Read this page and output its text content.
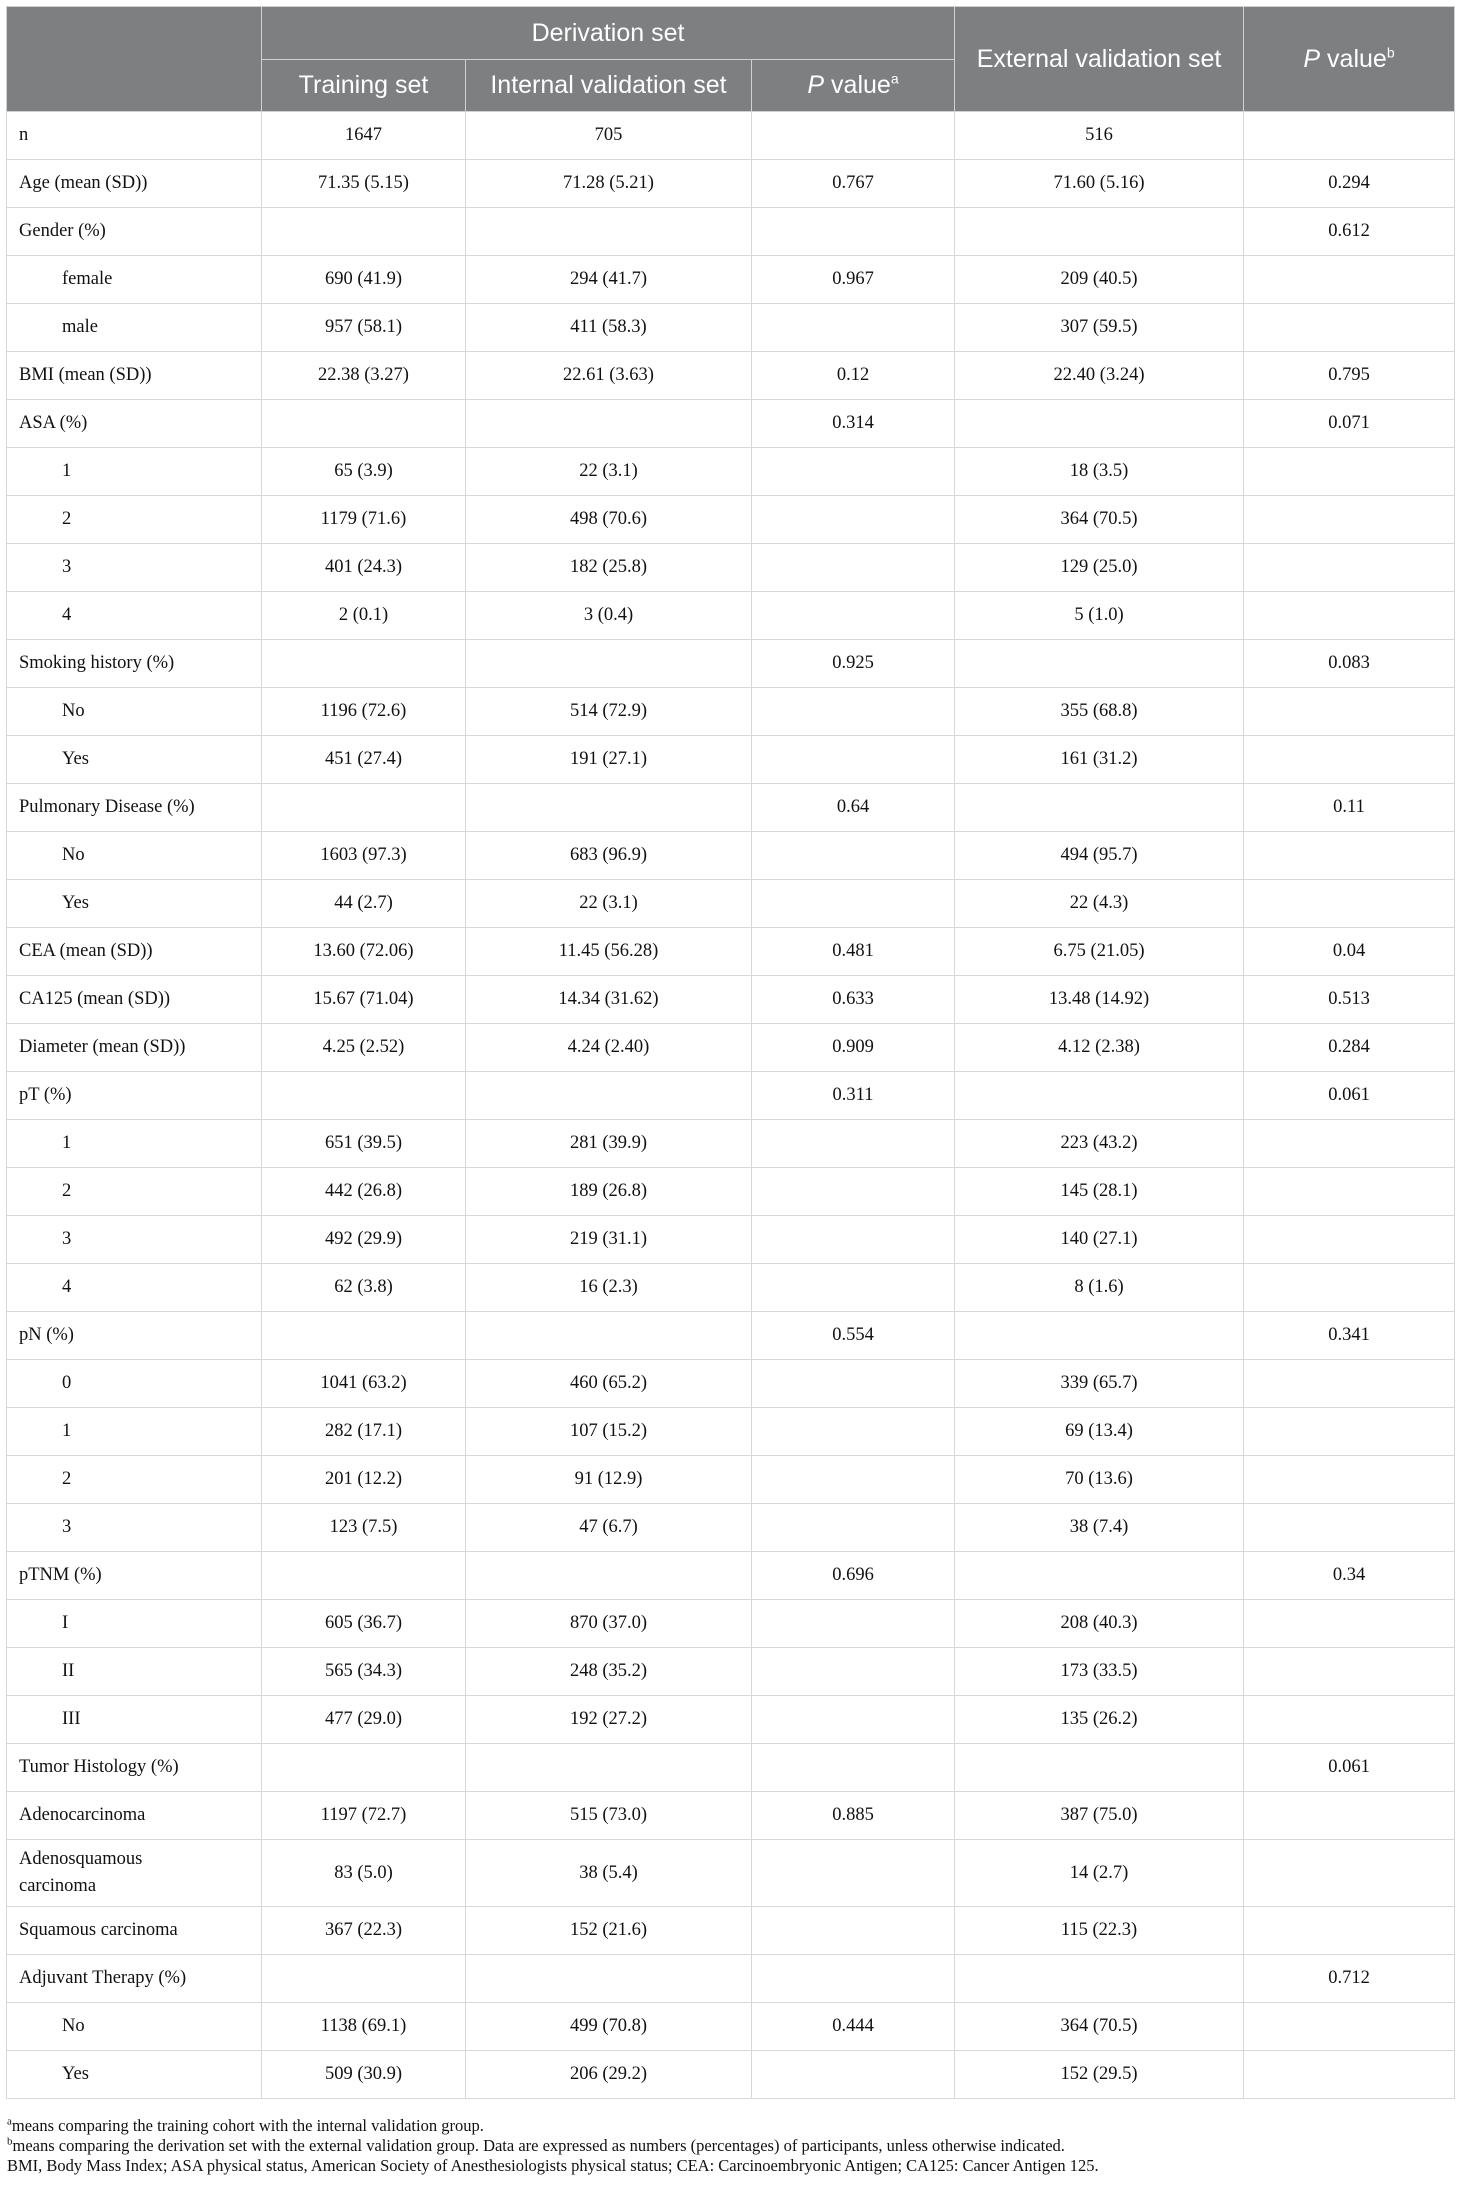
	Derivation set			External validation set	P value$^b$
	Training set	Internal validation set	P value$^a$
n	1647	705		516	
Age (mean (SD))	71.35 (5.15)	71.28 (5.21)	0.767	71.60 (5.16)	0.294
Gender (%)					0.612
female	690 (41.9)	294 (41.7)	0.967	209 (40.5)	
male	957 (58.1)	411 (58.3)		307 (59.5)	
BMI (mean (SD))	22.38 (3.27)	22.61 (3.63)	0.12	22.40 (3.24)	0.795
ASA (%)			0.314		0.071
1	65 (3.9)	22 (3.1)		18 (3.5)	
2	1179 (71.6)	498 (70.6)		364 (70.5)	
3	401 (24.3)	182 (25.8)		129 (25.0)	
4	2 (0.1)	3 (0.4)		5 (1.0)	
Smoking history (%)			0.925		0.083
No	1196 (72.6)	514 (72.9)		355 (68.8)	
Yes	451 (27.4)	191 (27.1)		161 (31.2)	
Pulmonary Disease (%)			0.64		0.11
No	1603 (97.3)	683 (96.9)		494 (95.7)	
Yes	44 (2.7)	22 (3.1)		22 (4.3)	
CEA (mean (SD))	13.60 (72.06)	11.45 (56.28)	0.481	6.75 (21.05)	0.04
CA125 (mean (SD))	15.67 (71.04)	14.34 (31.62)	0.633	13.48 (14.92)	0.513
Diameter (mean (SD))	4.25 (2.52)	4.24 (2.40)	0.909	4.12 (2.38)	0.284
pT (%)			0.311		0.061
1	651 (39.5)	281 (39.9)		223 (43.2)	
2	442 (26.8)	189 (26.8)		145 (28.1)	
3	492 (29.9)	219 (31.1)		140 (27.1)	
4	62 (3.8)	16 (2.3)		8 (1.6)	
pN (%)			0.554		0.341
0	1041 (63.2)	460 (65.2)		339 (65.7)	
1	282 (17.1)	107 (15.2)		69 (13.4)	
2	201 (12.2)	91 (12.9)		70 (13.6)	
3	123 (7.5)	47 (6.7)		38 (7.4)	
pTNM (%)			0.696		0.34
I	605 (36.7)	870 (37.0)		208 (40.3)	
II	565 (34.3)	248 (35.2)		173 (33.5)	
III	477 (29.0)	192 (27.2)		135 (26.2)	
Tumor Histology (%)					0.061
Adenocarcinoma	1197 (72.7)	515 (73.0)	0.885	387 (75.0)	
Adenosquamous
carcinoma	83 (5.0)	38 (5.4)		14 (2.7)	
Squamous carcinoma	367 (22.3)	152 (21.6)		115 (22.3)	
Adjuvant Therapy (%)					0.712
No	1138 (69.1)	499 (70.8)	0.444	364 (70.5)	
Yes	509 (30.9)	206 (29.2)		152 (29.5)	
$^a$means comparing the training cohort with the internal validation group.
$^b$means comparing the derivation set with the external validation group. Data are expressed as numbers (percentages) of participants, unless otherwise indicated.
BMI, Body Mass Index; ASA physical status, American Society of Anesthesiologists physical status; CEA: Carcinoembryonic Antigen; CA125: Cancer Antigen 125.
